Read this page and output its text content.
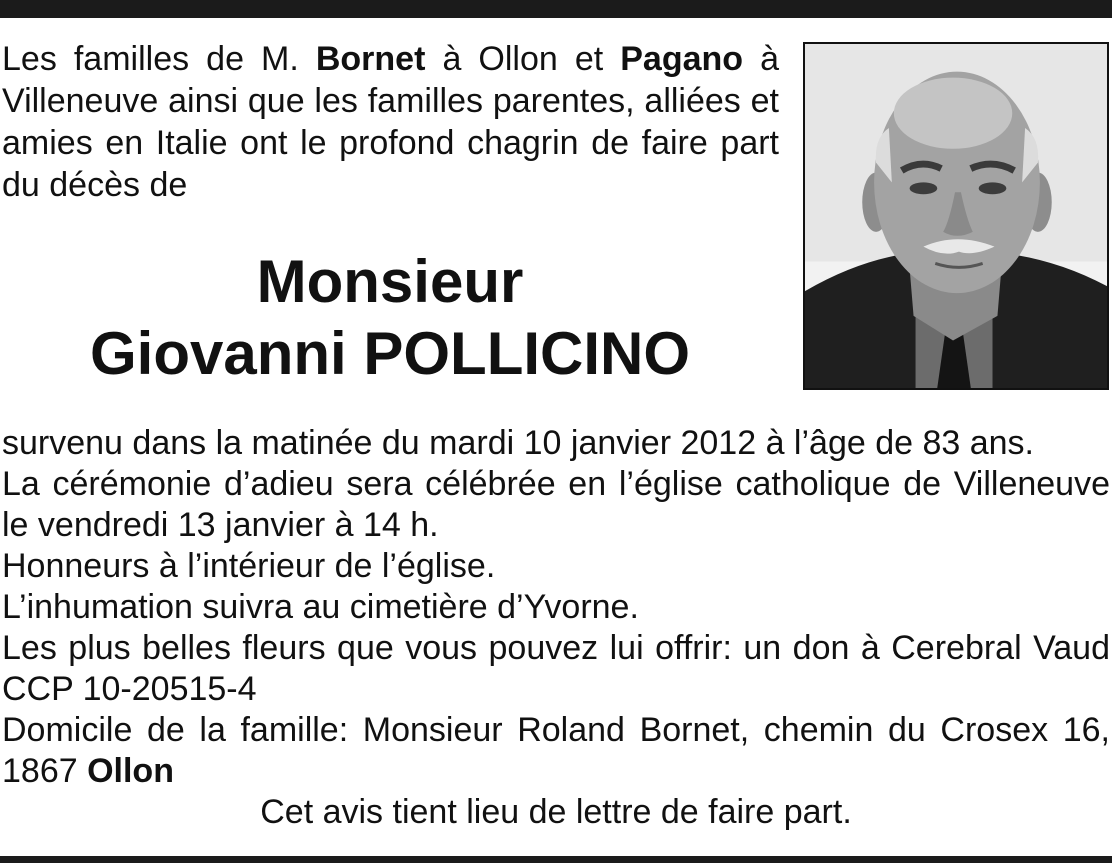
Les familles de M. Bornet à Ollon et Pagano à Villeneuve ainsi que les familles parentes, alliées et amies en Italie ont le profond chagrin de faire part du décès de
Monsieur
Giovanni POLLICINO
survenu dans la matinée du mardi 10 janvier 2012 à l’âge de 83 ans.
La cérémonie d’adieu sera célébrée en l’église catholique de Villeneuve le vendredi 13 janvier à 14 h.
Honneurs à l’intérieur de l’église.
L’inhumation suivra au cimetière d’Yvorne.
Les plus belles fleurs que vous pouvez lui offrir: un don à Cerebral Vaud CCP 10-20515-4
Domicile de la famille: Monsieur Roland Bornet, chemin du Crosex 16, 1867 Ollon
Cet avis tient lieu de lettre de faire part.
